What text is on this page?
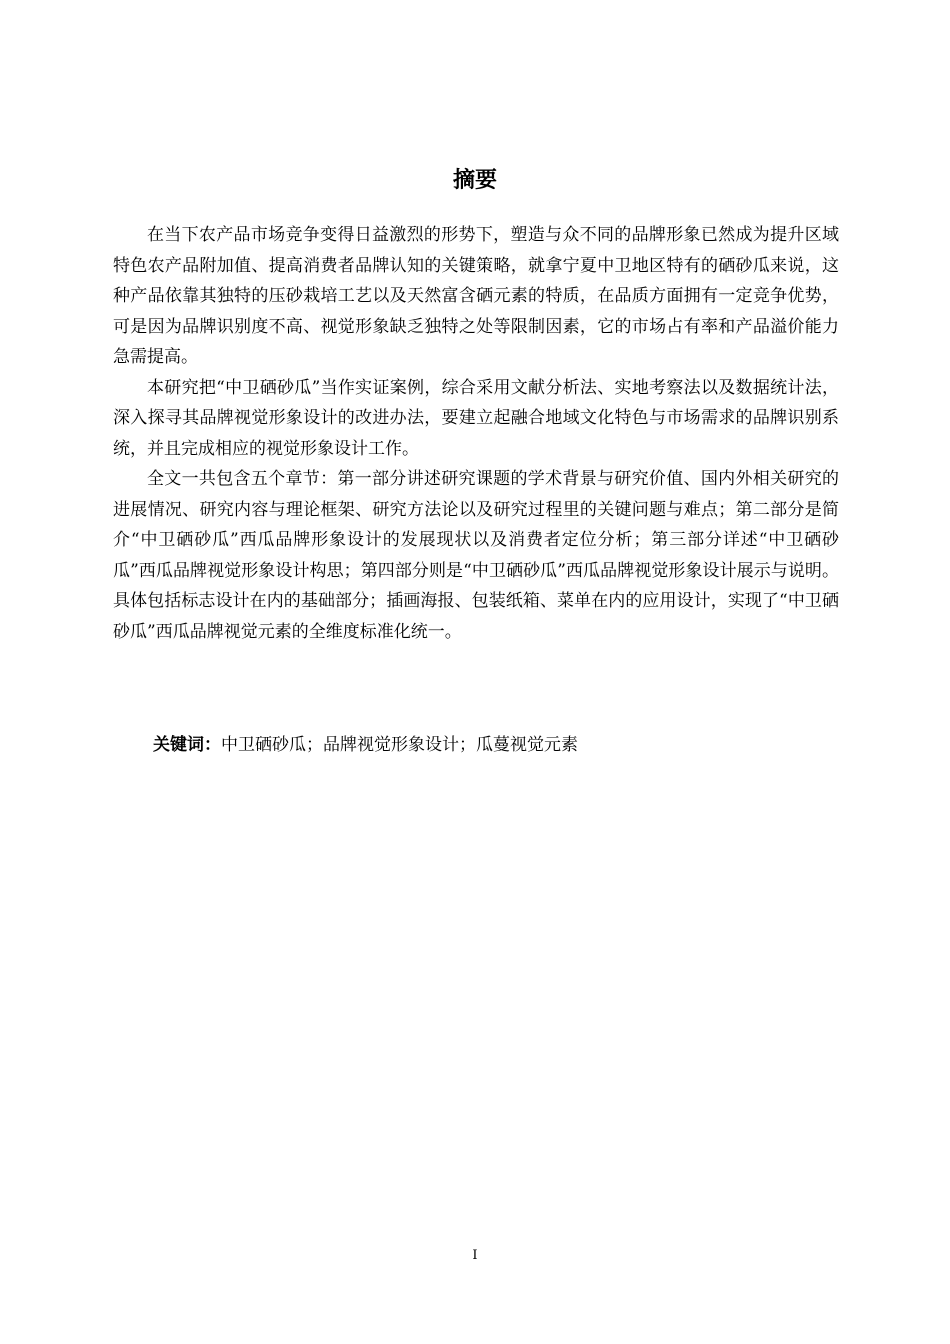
摘要

在当下农产品市场竞争变得日益激烈的形势下，塑造与众不同的品牌形象已然成为提升区域特色农产品附加值、提高消费者品牌认知的关键策略，就拿宁夏中卫地区特有的硒砂瓜来说，这种产品依靠其独特的压砂栽培工艺以及天然富含硒元素的特质，在品质方面拥有一定竞争优势，可是因为品牌识别度不高、视觉形象缺乏独特之处等限制因素，它的市场占有率和产品溢价能力急需提高。

本研究把“中卫硒砂瓜”当作实证案例，综合采用文献分析法、实地考察法以及数据统计法，深入探寻其品牌视觉形象设计的改进办法，要建立起融合地域文化特色与市场需求的品牌识别系统，并且完成相应的视觉形象设计工作。

全文一共包含五个章节：第一部分讲述研究课题的学术背景与研究价值、国内外相关研究的进展情况、研究内容与理论框架、研究方法论以及研究过程里的关键问题与难点；第二部分是简介“中卫硒砂瓜”西瓜品牌形象设计的发展现状以及消费者定位分析；第三部分详述“中卫硒砂瓜”西瓜品牌视觉形象设计构思；第四部分则是“中卫硒砂瓜”西瓜品牌视觉形象设计展示与说明。具体包括标志设计在内的基础部分；插画海报、包装纸箱、菜单在内的应用设计，实现了“中卫硒砂瓜”西瓜品牌视觉元素的全维度标准化统一。

关键词：中卫硒砂瓜；品牌视觉形象设计；瓜蔓视觉元素

I
